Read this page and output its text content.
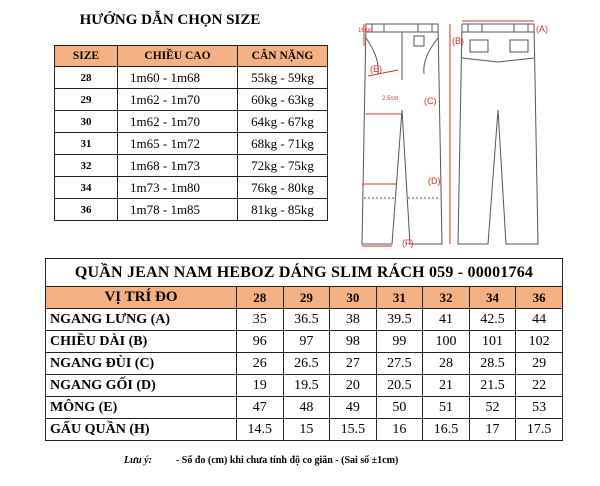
HƯỚNG DẪN CHỌN SIZE
SIZE	CHIỀU CAO	CÂN NẶNG
28	1m60 - 1m68	55kg - 59kg
29	1m62 - 1m70	60kg - 63kg
30	1m62 - 1m70	64kg - 67kg
31	1m65 - 1m72	68kg - 71kg
32	1m68 - 1m73	72kg - 75kg
34	1m73 - 1m80	76kg - 80kg
36	1m78 - 1m85	81kg - 85kg
(A)
(B)
(C)
(D)
(E)
(F)
16cm
2.5cm
QUẦN JEAN NAM HEBOZ DÁNG SLIM RÁCH 059 - 00001764							
VỊ TRÍ ĐO	28	29	30	31	32	34	36
NGANG LƯNG (A)	35	36.5	38	39.5	41	42.5	44
CHIỀU DÀI (B)	96	97	98	99	100	101	102
NGANG ĐÙI (C)	26	26.5	27	27.5	28	28.5	29
NGANG GỐI (D)	19	19.5	20	20.5	21	21.5	22
MÔNG (E)	47	48	49	50	51	52	53
GẤU QUẦN (H)	14.5	15	15.5	16	16.5	17	17.5
Lưu ý: - Số đo (cm) khi chưa tính độ co giãn - (Sai số ±1cm)
